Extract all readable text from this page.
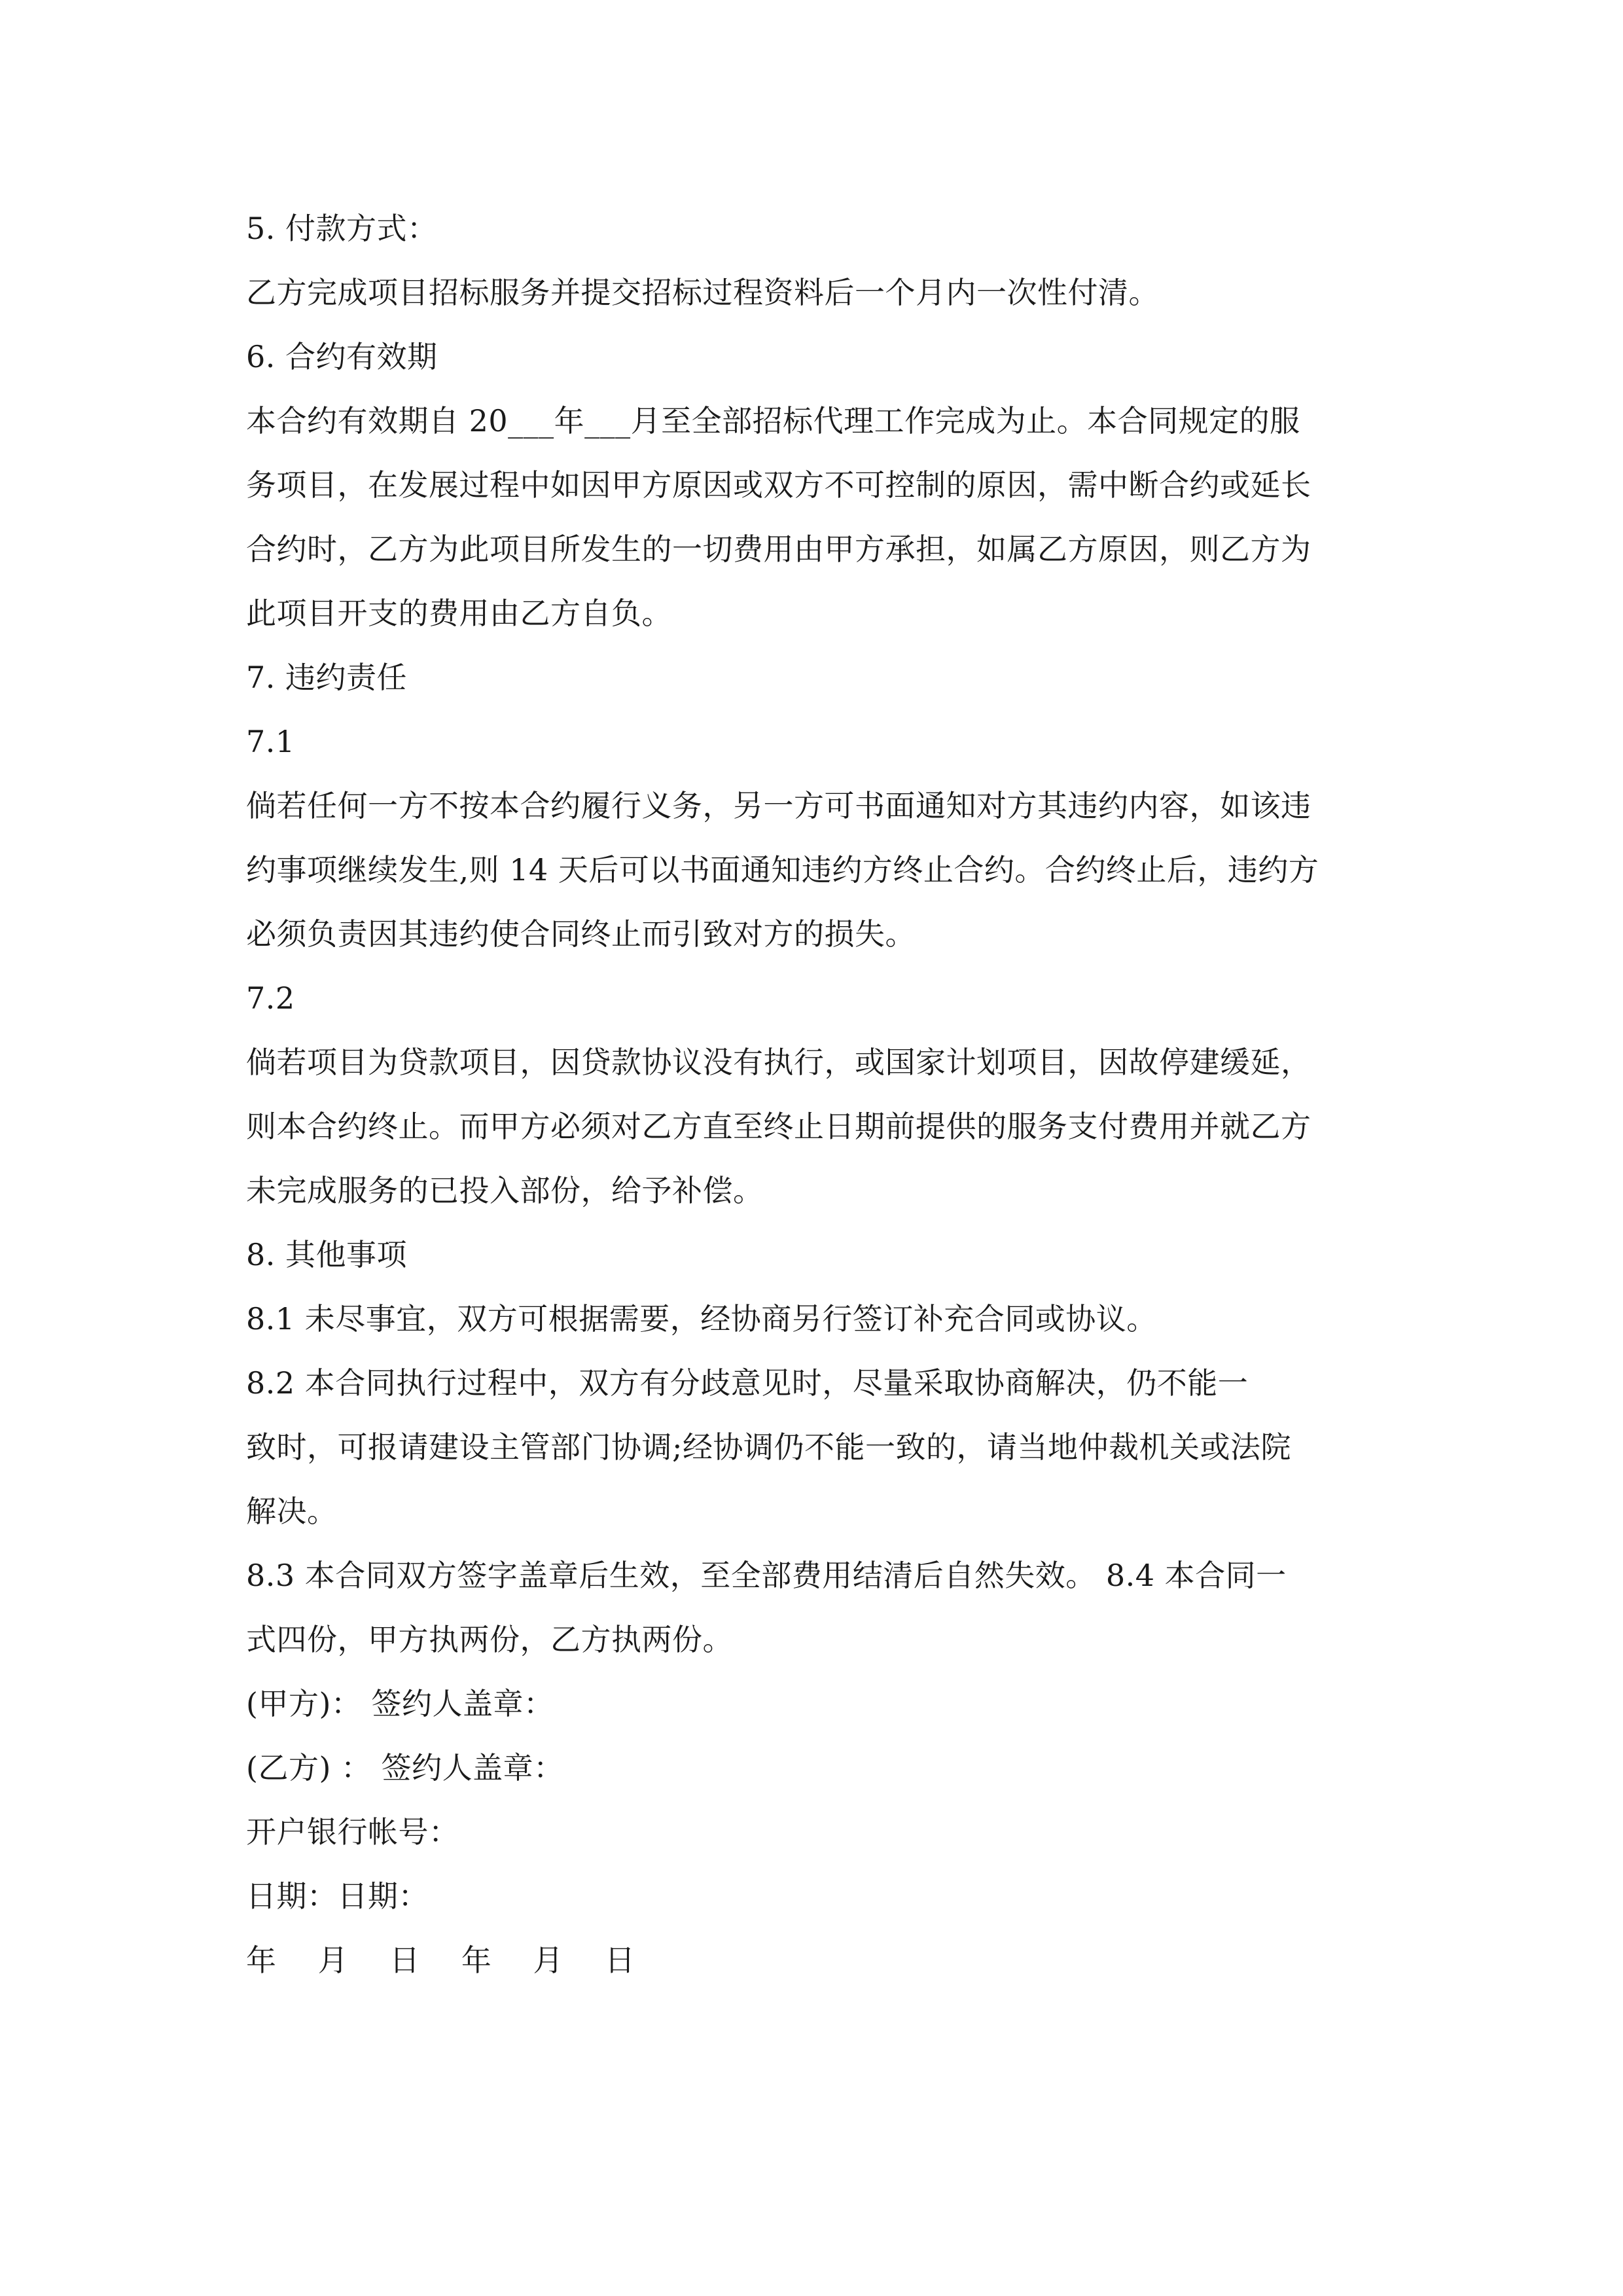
5. 付款方式：
乙方完成项目招标服务并提交招标过程资料后一个月内一次性付清。
6. 合约有效期
本合约有效期自 20___年___月至全部招标代理工作完成为止。本合同规定的服
务项目，在发展过程中如因甲方原因或双方不可控制的原因，需中断合约或延长
合约时，乙方为此项目所发生的一切费用由甲方承担，如属乙方原因，则乙方为
此项目开支的费用由乙方自负。
7. 违约责任
7.1
倘若任何一方不按本合约履行义务，另一方可书面通知对方其违约内容，如该违
约事项继续发生,则 14 天后可以书面通知违约方终止合约。合约终止后，违约方
必须负责因其违约使合同终止而引致对方的损失。
7.2
倘若项目为贷款项目，因贷款协议没有执行，或国家计划项目，因故停建缓延，
则本合约终止。而甲方必须对乙方直至终止日期前提供的服务支付费用并就乙方
未完成服务的已投入部份，给予补偿。
8. 其他事项
8.1 未尽事宜，双方可根据需要，经协商另行签订补充合同或协议。
8.2 本合同执行过程中，双方有分歧意见时，尽量采取协商解决，仍不能一
致时，可报请建设主管部门协调;经协调仍不能一致的，请当地仲裁机关或法院
解决。
8.3 本合同双方签字盖章后生效，至全部费用结清后自然失效。 8.4 本合同一
式四份，甲方执两份，乙方执两份。
(甲方)： 签约人盖章：
(乙方) ： 签约人盖章：
开户银行帐号：
日期：日期：
年 月 日 年 月 日
